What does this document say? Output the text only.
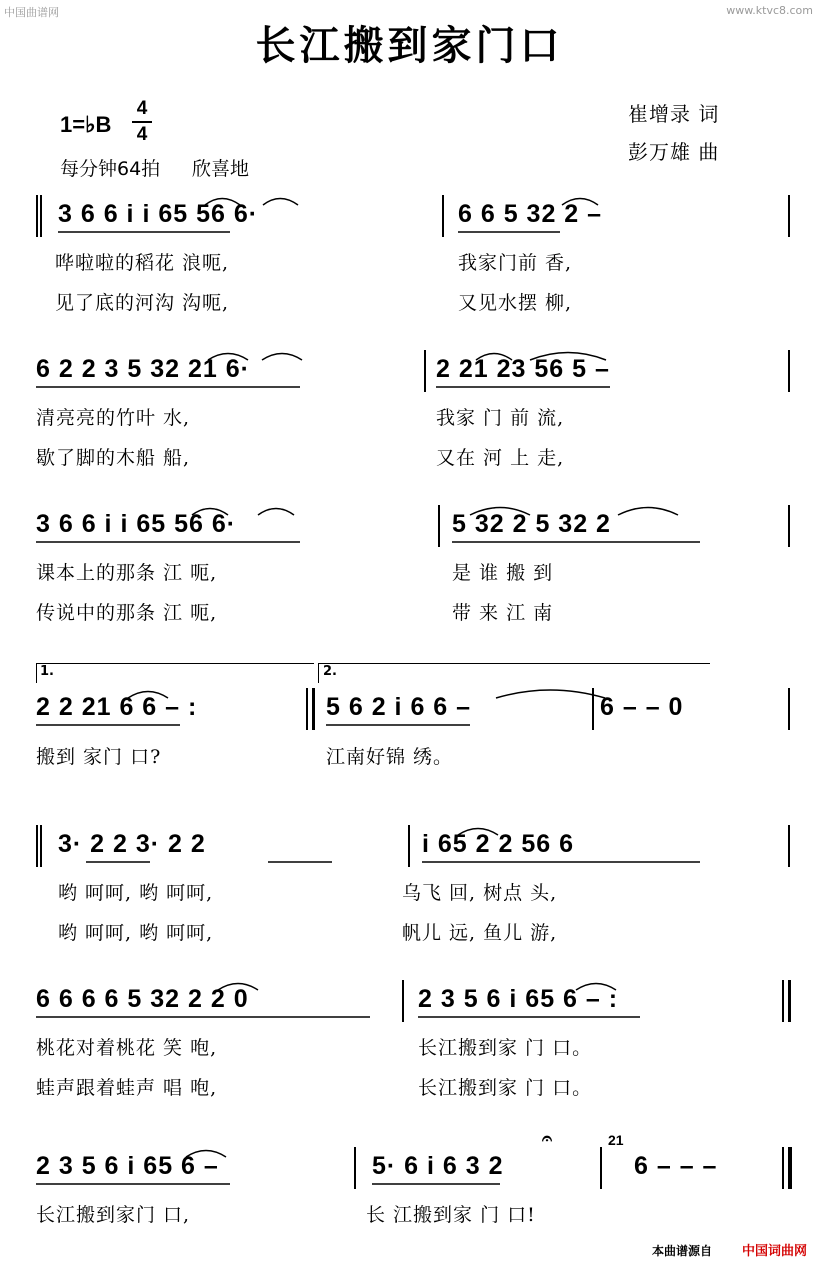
中国曲谱网	www.ktvc8.com
长江搬到家门口
1=♭B
4
4
每分钟64拍 欣喜地
崔增录 词
彭万雄 曲
3 6 6 i i 65 56 6·	6 6 5 32 2 –
哗啦啦的稻花 浪呃,	我家门前 香,
见了底的河沟 沟呃,	又见水摆 柳,
6 2 2 3 5 32 21 6·	2 21 23 56 5 –
清亮亮的竹叶 水,	我家 门 前 流,
歇了脚的木船 船,	又在 河 上 走,
3 6 6 i i 65 56 6·	5 32 2 5 32 2
课本上的那条 江 呃,	是 谁 搬 到
传说中的那条 江 呃,	带 来 江 南
1.	2.
2 2 21 6 6 – :	5 6 2 i 6 6 –	6 – – 0
搬到 家门 口?	江南好锦 绣。
3· 2 2 3· 2 2	i 65 2 2 56 6
哟 呵呵, 哟 呵呵,	乌飞 回, 树点 头,
哟 呵呵, 哟 呵呵,	帆儿 远, 鱼儿 游,
6 6 6 6 5 32 2 2 0	2 3 5 6 i 65 6 – :
桃花对着桃花 笑 咆,	长江搬到家 门 口。
蛙声跟着蛙声 唱 咆,	长江搬到家 门 口。
2 3 5 6 i 65 6 –	5· 6 i 6 3 2	6 – – –
21
𝄐
长江搬到家门 口,	长 江搬到家 门 口!
本曲谱源自 中国词曲网
